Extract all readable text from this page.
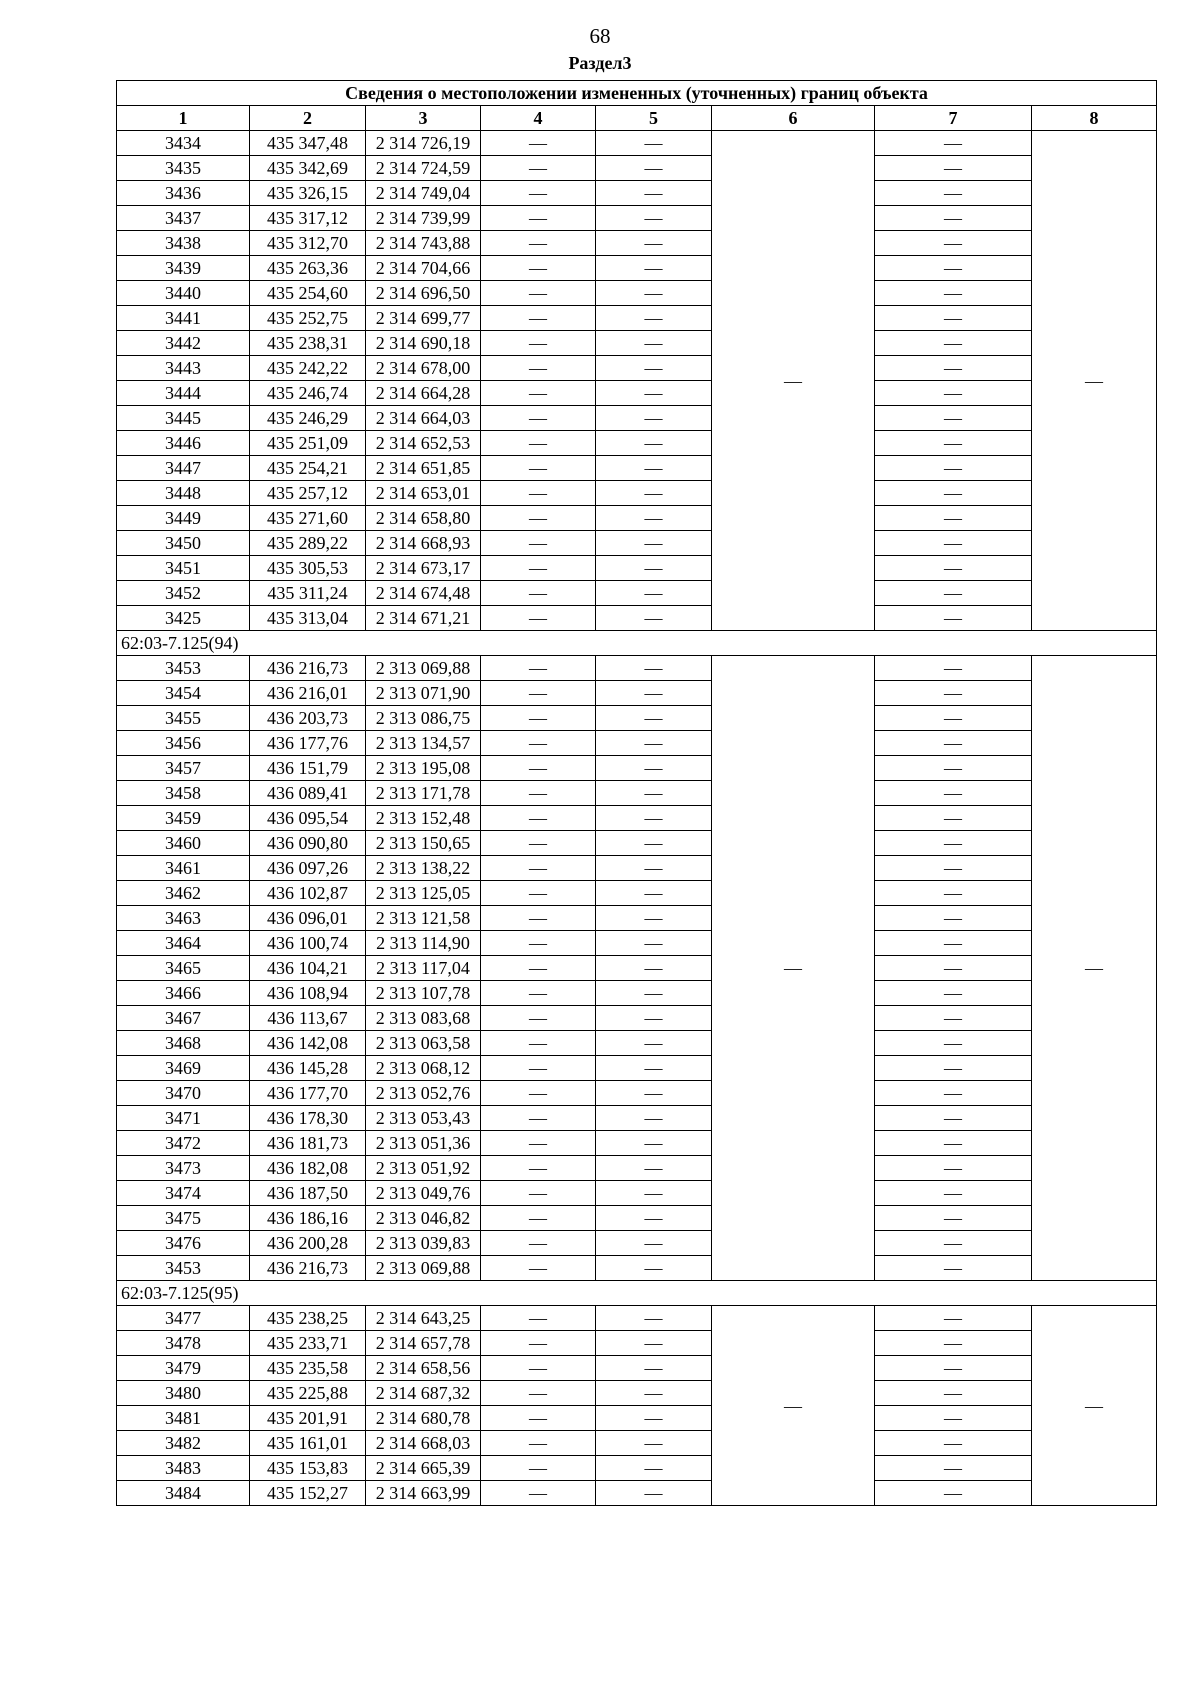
68
Раздел3
Сведения о местоположении измененных (уточненных) границ объекта							
1	2	3	4	5	6	7	8
3434	435 347,48	2 314 726,19	—	—	—	—	—
3435	435 342,69	2 314 724,59	—	—		—	
3436	435 326,15	2 314 749,04	—	—		—	
3437	435 317,12	2 314 739,99	—	—		—	
3438	435 312,70	2 314 743,88	—	—		—	
3439	435 263,36	2 314 704,66	—	—		—	
3440	435 254,60	2 314 696,50	—	—		—	
3441	435 252,75	2 314 699,77	—	—		—	
3442	435 238,31	2 314 690,18	—	—		—	
3443	435 242,22	2 314 678,00	—	—		—	
3444	435 246,74	2 314 664,28	—	—		—	
3445	435 246,29	2 314 664,03	—	—		—	
3446	435 251,09	2 314 652,53	—	—		—	
3447	435 254,21	2 314 651,85	—	—		—	
3448	435 257,12	2 314 653,01	—	—		—	
3449	435 271,60	2 314 658,80	—	—		—	
3450	435 289,22	2 314 668,93	—	—		—	
3451	435 305,53	2 314 673,17	—	—		—	
3452	435 311,24	2 314 674,48	—	—		—	
3425	435 313,04	2 314 671,21	—	—		—	
62:03-7.125(94)							
3453	436 216,73	2 313 069,88	—	—	—	—	—
3454	436 216,01	2 313 071,90	—	—		—	
3455	436 203,73	2 313 086,75	—	—		—	
3456	436 177,76	2 313 134,57	—	—		—	
3457	436 151,79	2 313 195,08	—	—		—	
3458	436 089,41	2 313 171,78	—	—		—	
3459	436 095,54	2 313 152,48	—	—		—	
3460	436 090,80	2 313 150,65	—	—		—	
3461	436 097,26	2 313 138,22	—	—		—	
3462	436 102,87	2 313 125,05	—	—		—	
3463	436 096,01	2 313 121,58	—	—		—	
3464	436 100,74	2 313 114,90	—	—		—	
3465	436 104,21	2 313 117,04	—	—		—	
3466	436 108,94	2 313 107,78	—	—		—	
3467	436 113,67	2 313 083,68	—	—		—	
3468	436 142,08	2 313 063,58	—	—		—	
3469	436 145,28	2 313 068,12	—	—		—	
3470	436 177,70	2 313 052,76	—	—		—	
3471	436 178,30	2 313 053,43	—	—		—	
3472	436 181,73	2 313 051,36	—	—		—	
3473	436 182,08	2 313 051,92	—	—		—	
3474	436 187,50	2 313 049,76	—	—		—	
3475	436 186,16	2 313 046,82	—	—		—	
3476	436 200,28	2 313 039,83	—	—		—	
3453	436 216,73	2 313 069,88	—	—		—	
62:03-7.125(95)							
3477	435 238,25	2 314 643,25	—	—	—	—	—
3478	435 233,71	2 314 657,78	—	—		—	
3479	435 235,58	2 314 658,56	—	—		—	
3480	435 225,88	2 314 687,32	—	—		—	
3481	435 201,91	2 314 680,78	—	—		—	
3482	435 161,01	2 314 668,03	—	—		—	
3483	435 153,83	2 314 665,39	—	—		—	
3484	435 152,27	2 314 663,99	—	—		—	
